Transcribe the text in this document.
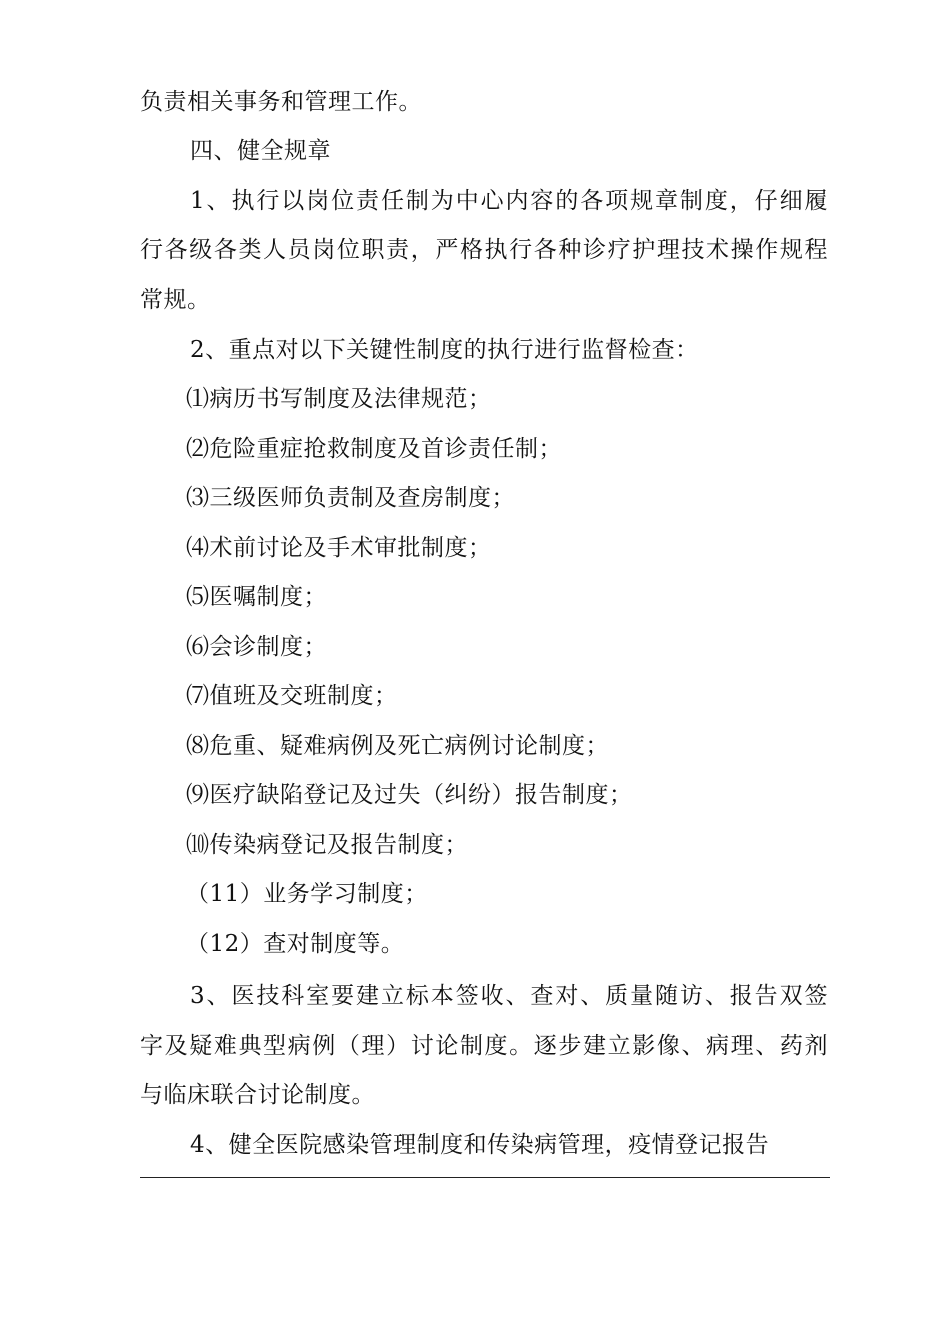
负责相关事务和管理工作。
四、健全规章
1、执行以岗位责任制为中心内容的各项规章制度，仔细履
行各级各类人员岗位职责，严格执行各种诊疗护理技术操作规程
常规。
2、重点对以下关键性制度的执行进行监督检查：
⑴病历书写制度及法律规范；
⑵危险重症抢救制度及首诊责任制；
⑶三级医师负责制及查房制度；
⑷术前讨论及手术审批制度；
⑸医嘱制度；
⑹会诊制度；
⑺值班及交班制度；
⑻危重、疑难病例及死亡病例讨论制度；
⑼医疗缺陷登记及过失（纠纷）报告制度；
⑽传染病登记及报告制度；
（11）业务学习制度；
（12）查对制度等。
3、医技科室要建立标本签收、查对、质量随访、报告双签
字及疑难典型病例（理）讨论制度。逐步建立影像、病理、药剂
与临床联合讨论制度。
4、健全医院感染管理制度和传染病管理，疫情登记报告
